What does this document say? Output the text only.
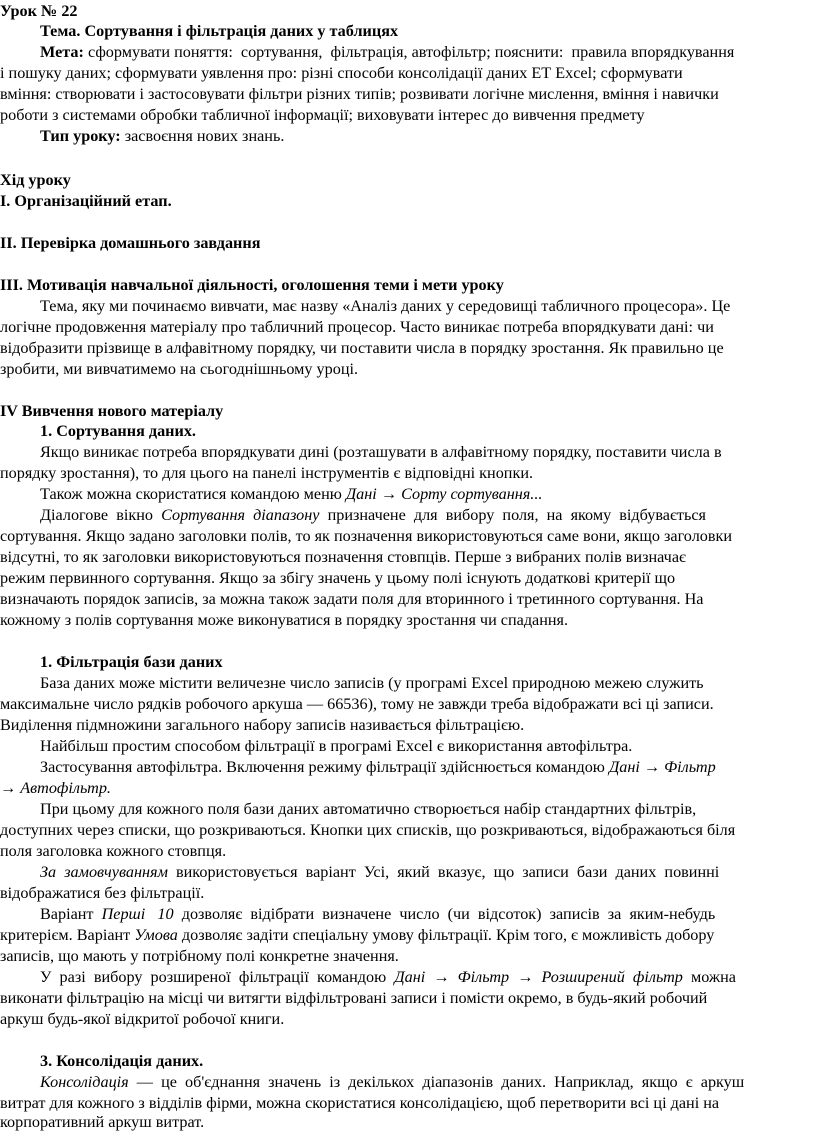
Урок № 22
Тема. Сортування і фільтрація даних у таблицях
Мета: сформувати поняття:  сортування,  фільтрація, автофільтр; пояснити:  правила впорядкування
і пошуку даних; сформувати уявлення про: різні способи консолідації даних ЕТ Excel; сформувати
вміння: створювати і застосовувати фільтри різних типів; розвивати логічне мислення, вміння і навички
роботи з системами обробки табличної інформації; виховувати інтерес до вивчення предмету
Тип уроку: засвоєння нових знань.
Хід уроку
І. Організаційний етап.
ІІ. Перевірка домашнього завдання
ІІІ. Мотивація навчальної діяльності, оголошення теми і мети уроку
Тема, яку ми починаємо вивчати, має назву «Аналіз даних у середовищі табличного процесора». Це
логічне продовження матеріалу про табличний процесор. Часто виникає потреба впорядкувати дані: чи
відобразити прізвище в алфавітному порядку, чи поставити числа в порядку зростання. Як правильно це
зробити, ми вивчатимемо на сьогоднішньому уроці.
IV Вивчення нового матеріалу
1. Сортування даних.
Якщо виникає потреба впорядкувати дині (розташувати в алфавітному порядку, поставити числа в
порядку зростання), то для цього на панелі інструментів є відповідні кнопки.
Також можна скористатися командою меню Дані → Сорту сортування...
Діалогове  вікно  Сортування  діапазону  призначене  для  вибору  поля,  на  якому  відбувається
сортування. Якщо задано заголовки полів, то як позначення використовуються саме вони, якщо заголовки
відсутні, то як заголовки використовуються позначення стовпців. Перше з вибраних полів визначає
режим первинного сортування. Якщо за збігу значень у цьому полі існують додаткові критерії що
визначають порядок записів, за можна також задати поля для вторинного і третинного сортування. На
кожному з полів сортування може виконуватися в порядку зростання чи спадання.
1. Фільтрація бази даних
База даних може містити величезне число записів (у програмі Excel природною межею служить
максимальне число рядків робочого аркуша — 66536), тому не завжди треба відображати всі ці записи.
Виділення підмножини загального набору записів називається фільтрацією.
Найбільш простим способом фільтрації в програмі Excel є використання автофільтра.
Застосування автофільтра. Включення режиму фільтрації здійснюється командою Дані → Фільтр
→ Автофільтр.
При цьому для кожного поля бази даних автоматично створюється набір стандартних фільтрів,
доступних через списки, що розкриваються. Кнопки цих списків, що розкриваються, відображаються біля
поля заголовка кожного стовпця.
За  замовчуванням  використовується  варіант  Усі,  який  вказує,  що  записи  бази  даних  повинні
відображатися без фільтрації.
Варіант  Перші   10  дозволяє  відібрати  визначене  число  (чи  відсоток)  записів  за  яким-небудь
критерієм. Варіант Умова дозволяє задіти спеціальну умову фільтрації. Крім того, є можливість добору
записів, що мають у потрібному полі конкретне значення.
У  разі  вибору  розширеної  фільтрації  командою  Дані  →  Фільтр  →  Розширений  фільтр  можна
виконати фільтрацію на місці чи витягти відфільтровані записи і помісти окремо, в будь-який робочий
аркуш будь-якої відкритої робочої книги.
3. Консолідація даних.
Консолідація  —  це  об'єднання  значень  із  декількох  діапазонів  даних.  Наприклад,  якщо  є  аркуш
витрат для кожного з відділів фірми, можна скористатися консолідацією, щоб перетворити всі ці дані на
корпоративний аркуш витрат.
